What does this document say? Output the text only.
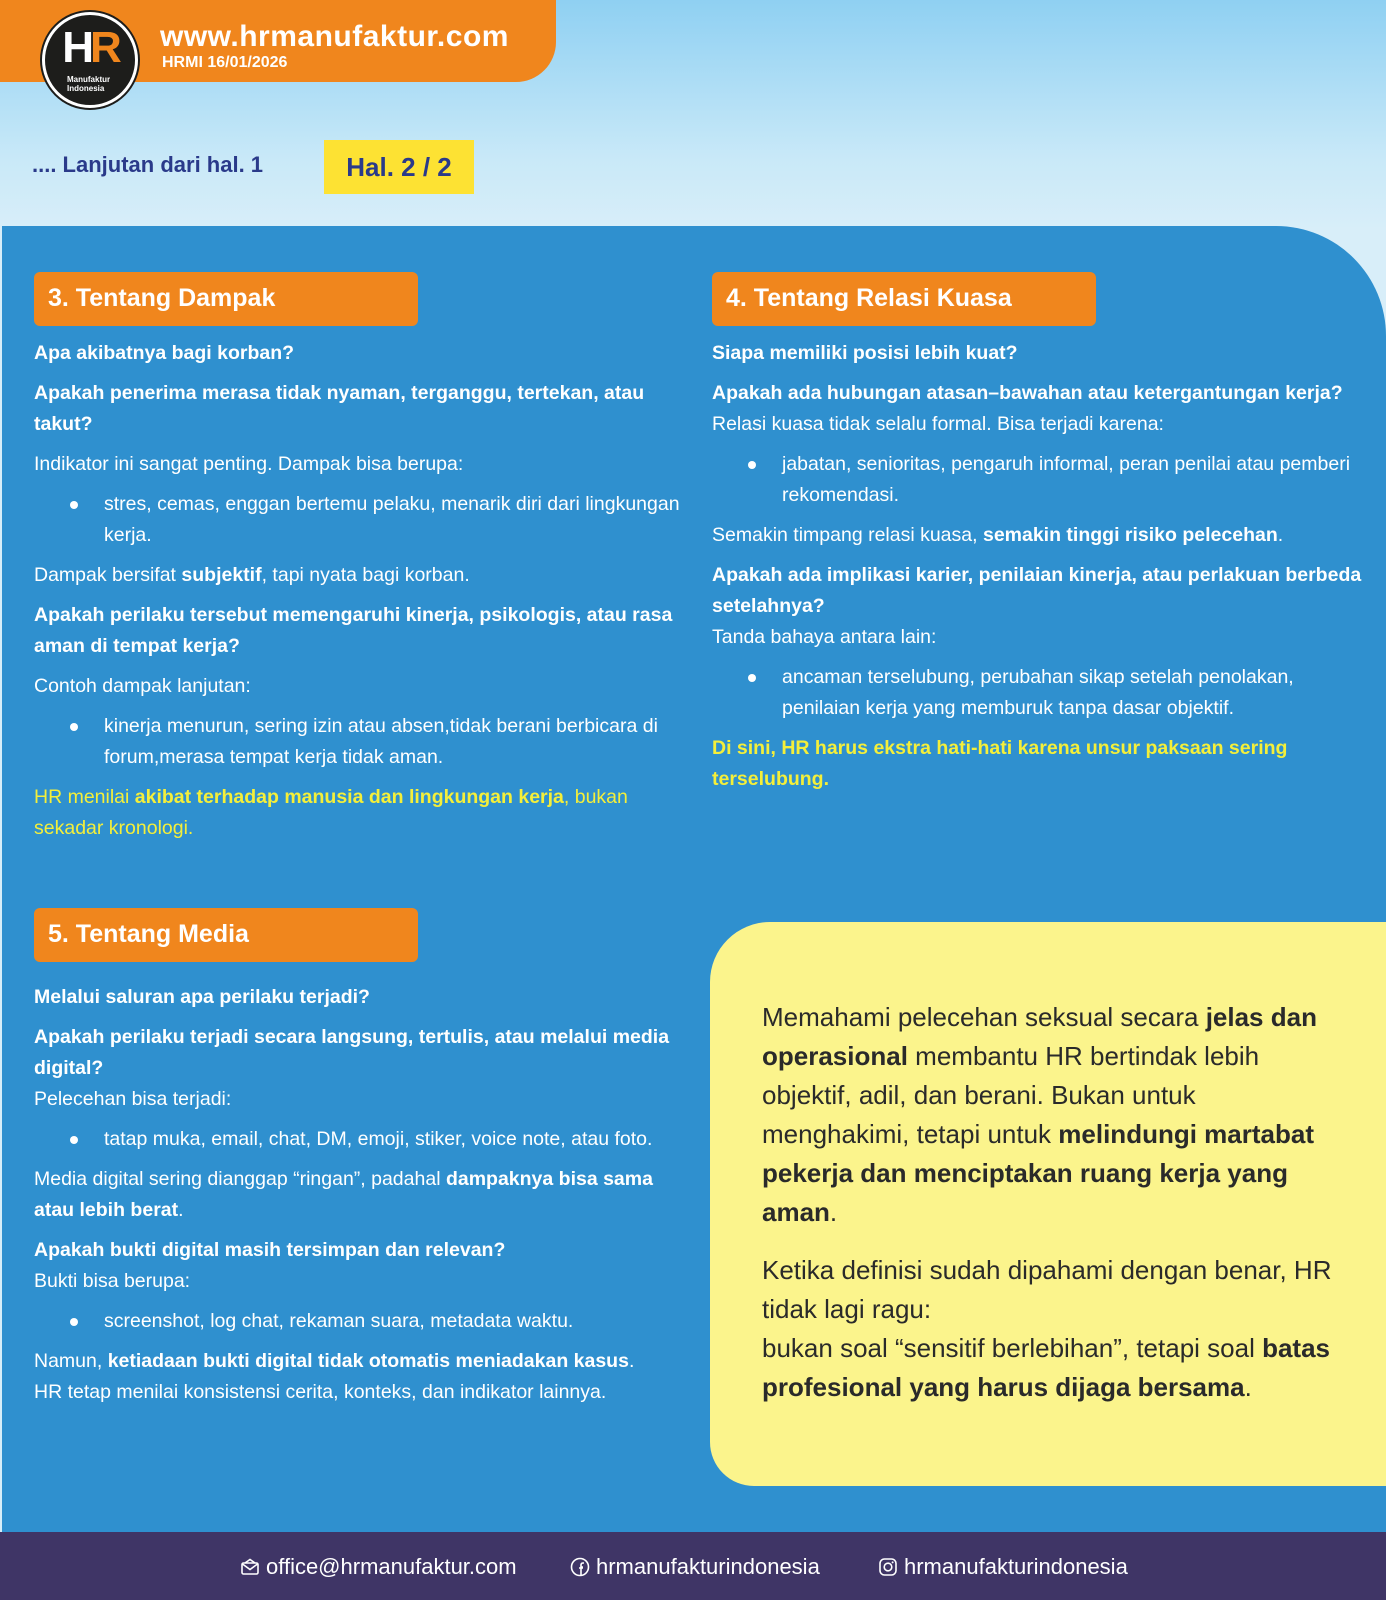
HR
Manufaktur
Indonesia
www.hrmanufaktur.com
HRMI 16/01/2026
.... Lanjutan dari hal. 1	Hal. 2 / 2
3. Tentang Dampak
Apa akibatnya bagi korban?
Apakah penerima merasa tidak nyaman, terganggu, tertekan, atau takut?
Indikator ini sangat penting. Dampak bisa berupa:
stres, cemas, enggan bertemu pelaku, menarik diri dari lingkungan kerja.
Dampak bersifat subjektif, tapi nyata bagi korban.
Apakah perilaku tersebut memengaruhi kinerja, psikologis, atau rasa aman di tempat kerja?
Contoh dampak lanjutan:
kinerja menurun, sering izin atau absen,tidak berani berbicara di forum,merasa tempat kerja tidak aman.
HR menilai akibat terhadap manusia dan lingkungan kerja, bukan sekadar kronologi.
4. Tentang Relasi Kuasa
Siapa memiliki posisi lebih kuat?
Apakah ada hubungan atasan–bawahan atau ketergantungan kerja?
Relasi kuasa tidak selalu formal. Bisa terjadi karena:
jabatan, senioritas, pengaruh informal, peran penilai atau pemberi rekomendasi.
Semakin timpang relasi kuasa, semakin tinggi risiko pelecehan.
Apakah ada implikasi karier, penilaian kinerja, atau perlakuan berbeda setelahnya?
Tanda bahaya antara lain:
ancaman terselubung, perubahan sikap setelah penolakan, penilaian kerja yang memburuk tanpa dasar objektif.
Di sini, HR harus ekstra hati-hati karena unsur paksaan sering terselubung.
5. Tentang Media
Melalui saluran apa perilaku terjadi?
Apakah perilaku terjadi secara langsung, tertulis, atau melalui media digital?
Pelecehan bisa terjadi:
tatap muka, email, chat, DM, emoji, stiker, voice note, atau foto.
Media digital sering dianggap “ringan”, padahal dampaknya bisa sama atau lebih berat.
Apakah bukti digital masih tersimpan dan relevan?
Bukti bisa berupa:
screenshot, log chat, rekaman suara, metadata waktu.
Namun, ketiadaan bukti digital tidak otomatis meniadakan kasus.
HR tetap menilai konsistensi cerita, konteks, dan indikator lainnya.
Memahami pelecehan seksual secara jelas dan operasional membantu HR bertindak lebih objektif, adil, dan berani. Bukan untuk menghakimi, tetapi untuk melindungi martabat pekerja dan menciptakan ruang kerja yang aman.
Ketika definisi sudah dipahami dengan benar, HR tidak lagi ragu:
bukan soal “sensitif berlebihan”, tetapi soal batas profesional yang harus dijaga bersama.
office@hrmanufaktur.com	hrmanufakturindonesia	hrmanufakturindonesia
